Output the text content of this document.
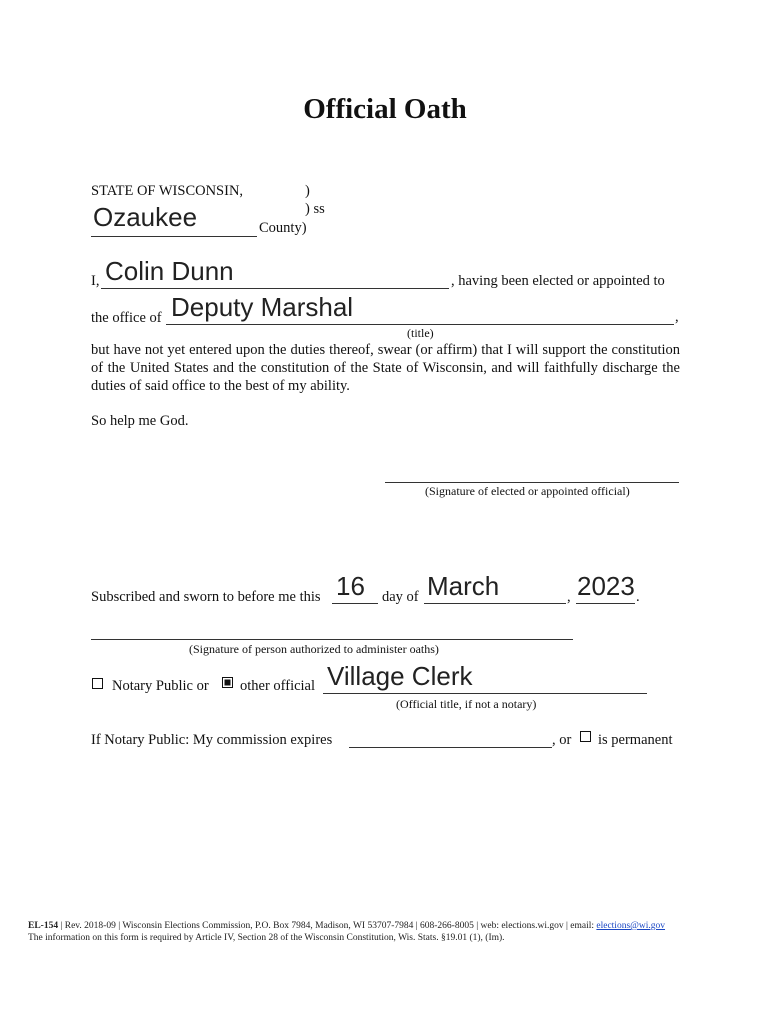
Official Oath
STATE OF WISCONSIN,	)
) ss
Ozaukee	County)
I, Colin Dunn	, having been elected or appointed to
the office of Deputy Marshal	,
(title)
but have not yet entered upon the duties thereof, swear (or affirm) that I will support the constitution of the United States and the constitution of the State of Wisconsin, and will faithfully discharge the duties of said office to the best of my ability.
So help me God.
(Signature of elected or appointed official)
Subscribed and sworn to before me this 16 day of March	, 2023 .
(Signature of person authorized to administer oaths)
Notary Public or other official Village Clerk
(Official title, if not a notary)
If Notary Public: My commission expires	, or is permanent
EL-154 | Rev. 2018-09 | Wisconsin Elections Commission, P.O. Box 7984, Madison, WI 53707-7984 | 608-266-8005 | web: elections.wi.gov | email: elections@wi.gov
The information on this form is required by Article IV, Section 28 of the Wisconsin Constitution, Wis. Stats. §19.01 (1), (Im).
